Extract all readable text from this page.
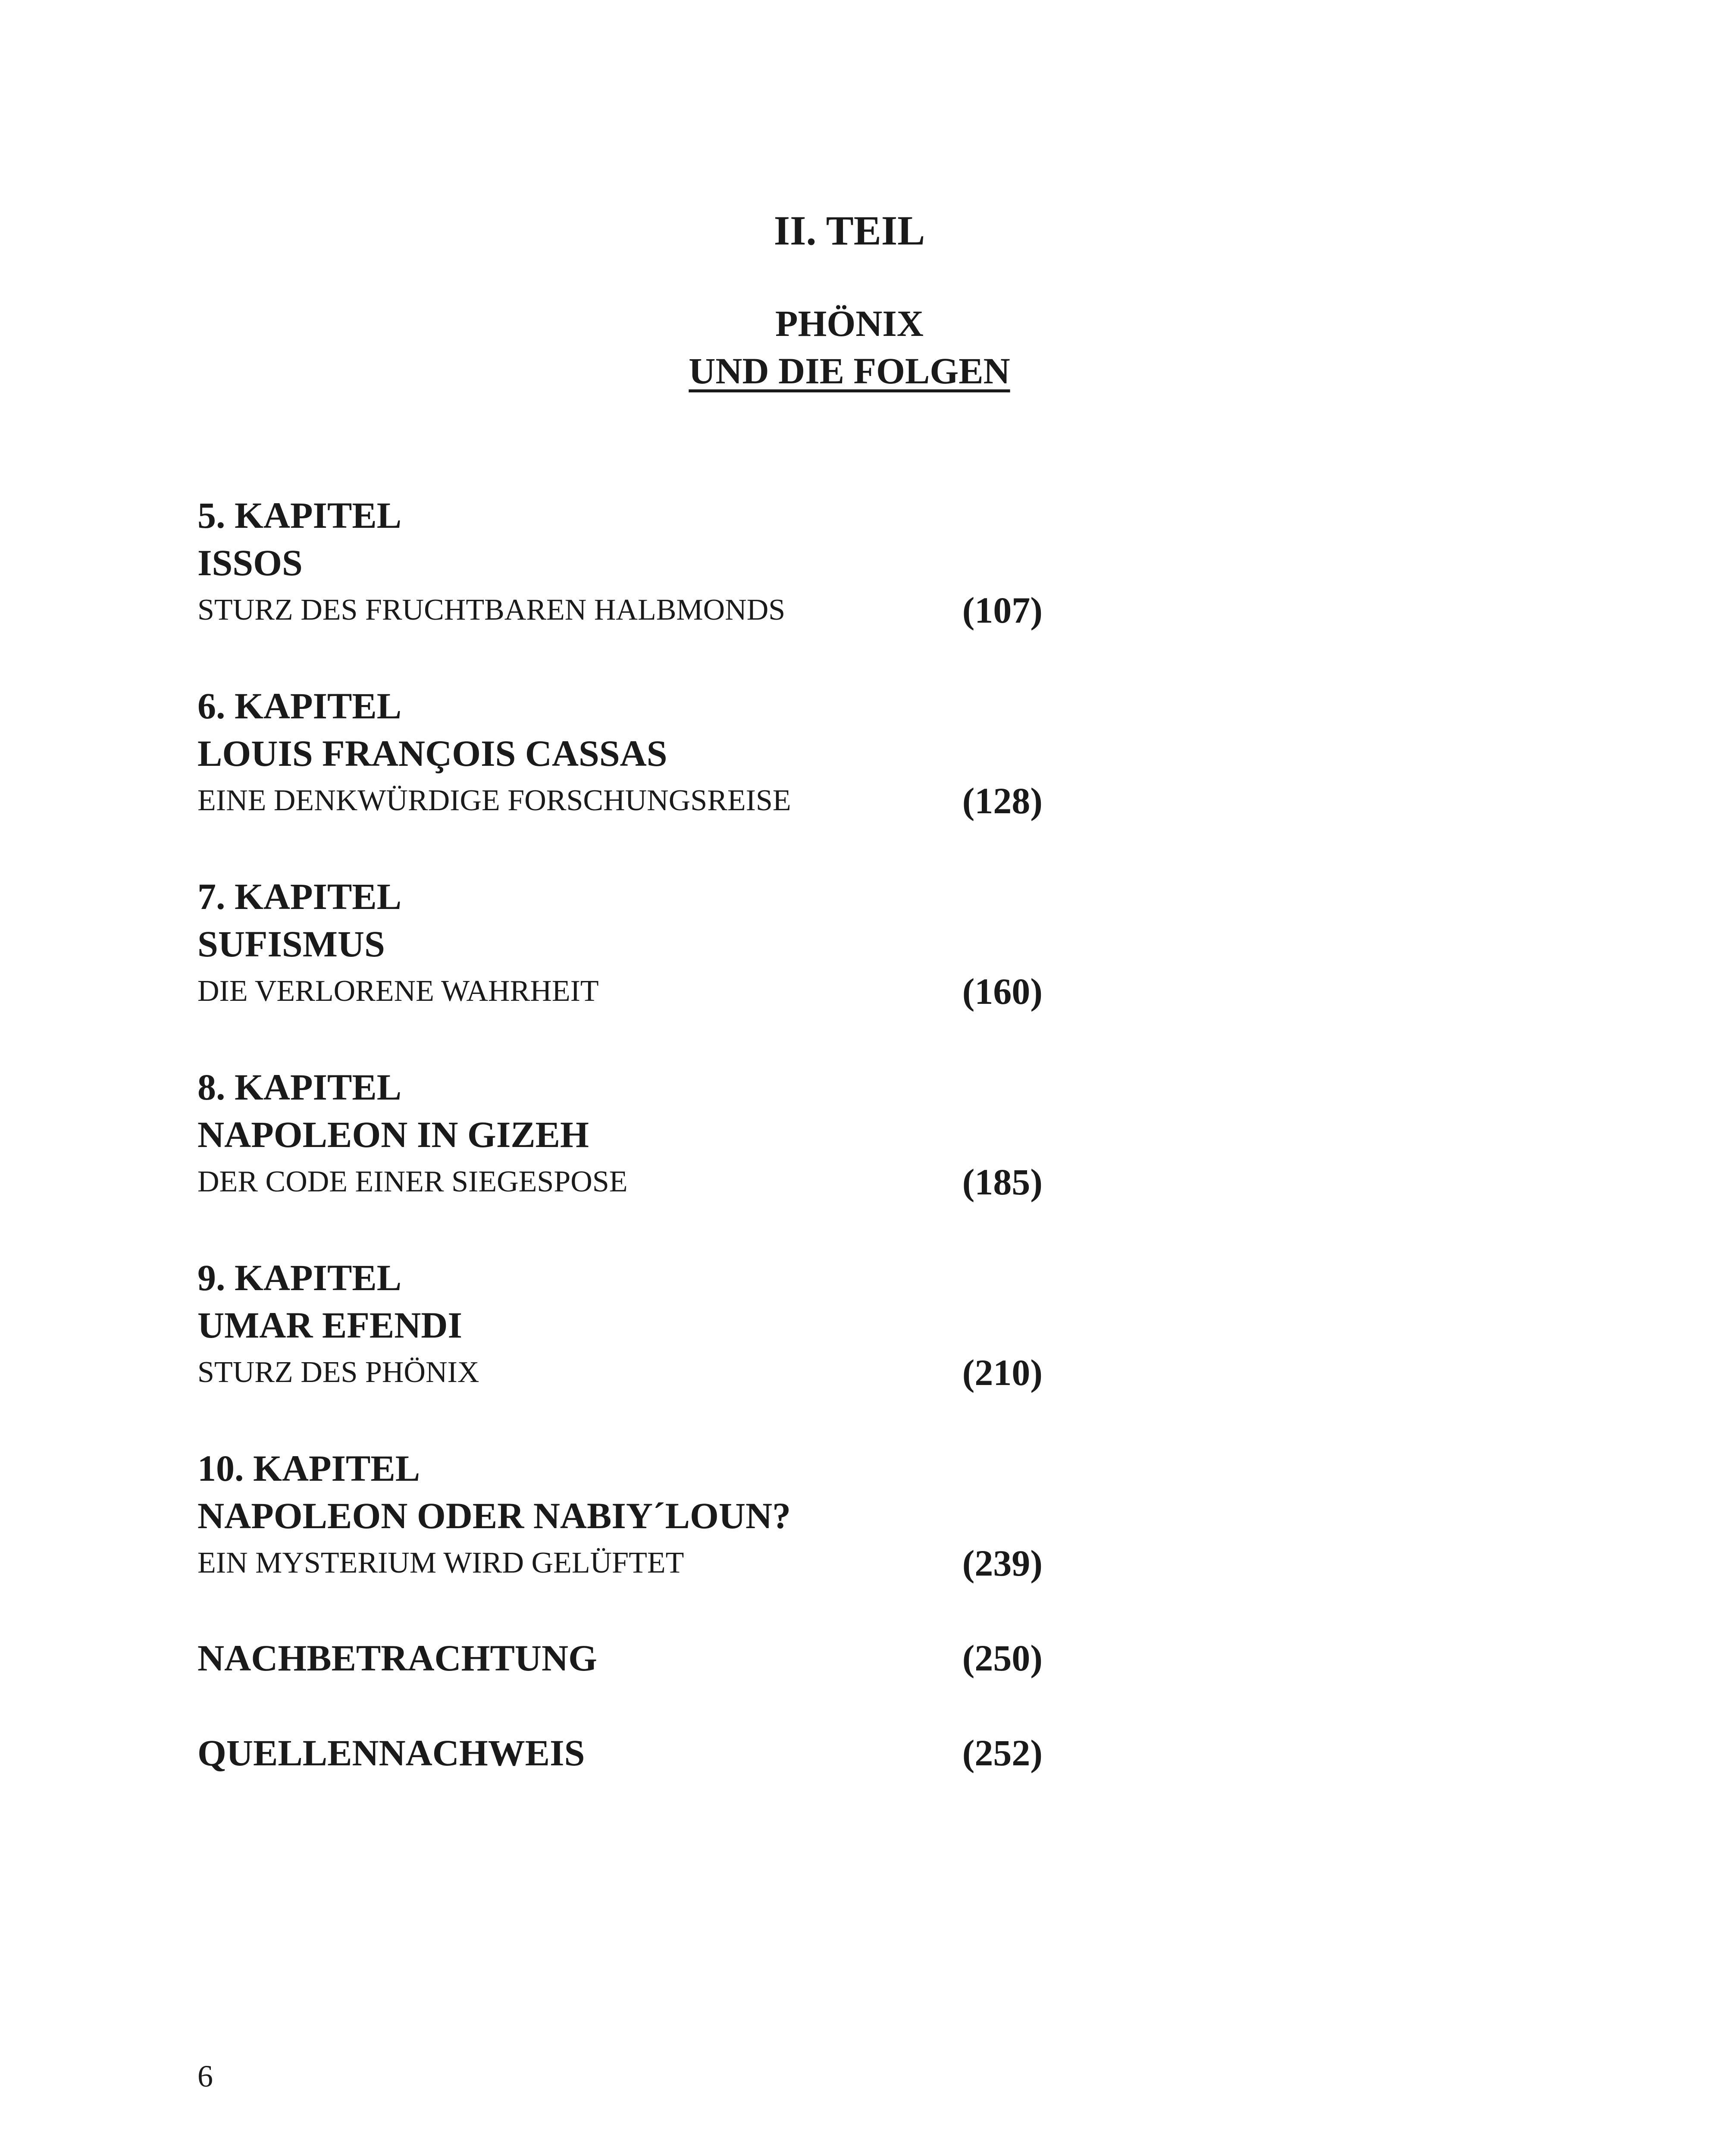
II. TEIL
PHÖNIX
UND DIE FOLGEN
5. KAPITEL
ISSOS
STURZ DES FRUCHTBAREN HALBMONDS	(107)
6. KAPITEL
LOUIS FRANÇOIS CASSAS
EINE DENKWÜRDIGE FORSCHUNGSREISE	(128)
7. KAPITEL
SUFISMUS
DIE VERLORENE WAHRHEIT	(160)
8. KAPITEL
NAPOLEON IN GIZEH
DER CODE EINER SIEGESPOSE	(185)
9. KAPITEL
UMAR EFENDI
STURZ DES PHÖNIX	(210)
10. KAPITEL
NAPOLEON ODER NABIY´LOUN?
EIN MYSTERIUM WIRD GELÜFTET	(239)
NACHBETRACHTUNG	(250)
QUELLENNACHWEIS	(252)
6
